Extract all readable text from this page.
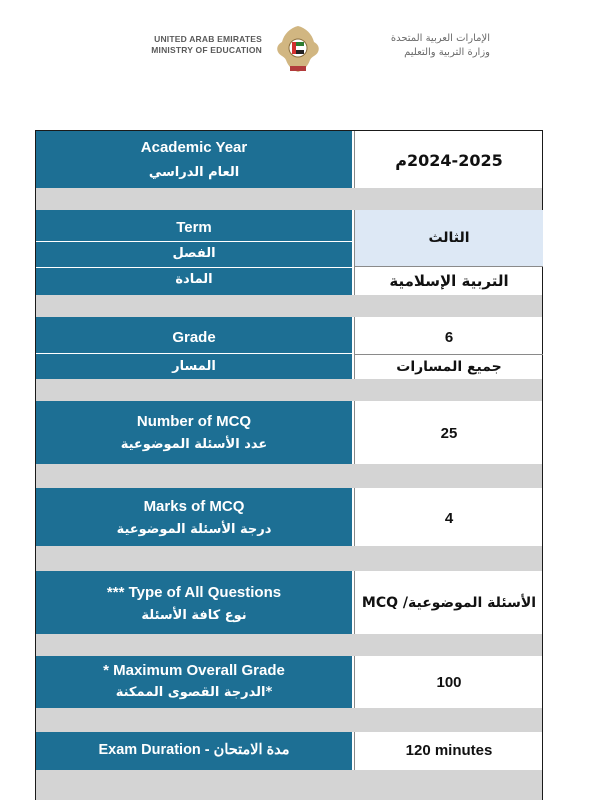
UNITED ARAB EMIRATES
MINISTRY OF EDUCATION
الإمارات العربية المتحدة
وزارة التربية والتعليم
Academic Year
العام الدراسي
2024-2025م
Term
الفصل
المادة
الثالث
التربية الإسلامية
Grade
المسار
6
جميع المسارات
Number of MCQ
عدد الأسئلة الموضوعية
25
Marks of MCQ
درجة الأسئلة الموضوعية
4
*** Type of All Questions
نوع كافة الأسئلة
الأسئلة الموضوعية/ MCQ
* Maximum Overall Grade
*الدرجة القصوى الممكنة
100
Exam Duration - مدة الامتحان	120 minutes
